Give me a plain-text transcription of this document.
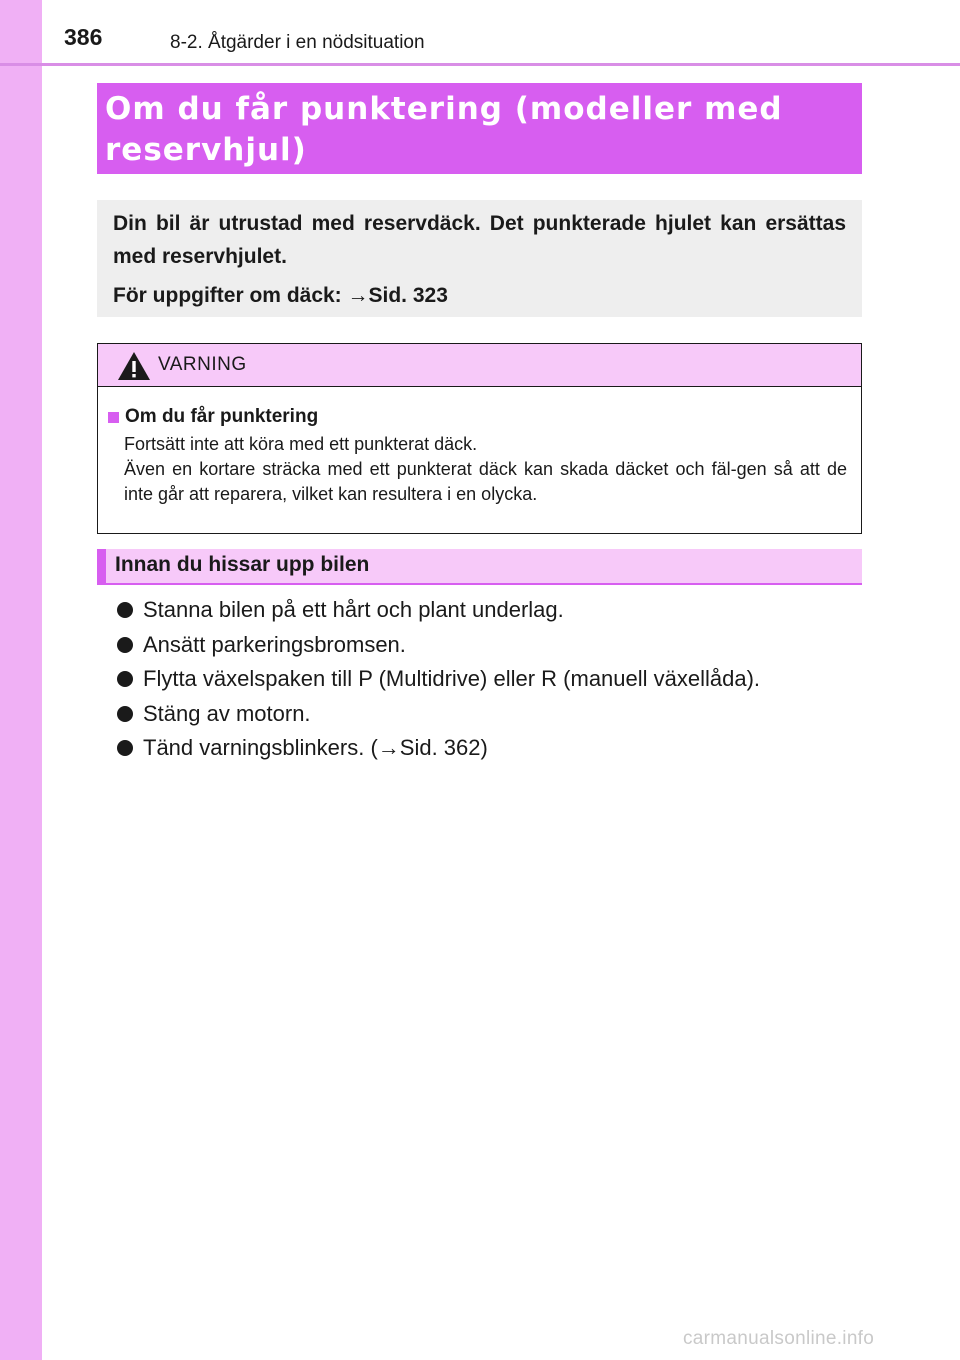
386	8-2. Åtgärder i en nödsituation

Om du får punktering (modeller med

reservhjul)

Din bil är utrustad med reservdäck. Det punkterade hjulet kan ersättas med reservhjulet.

För uppgifter om däck: →Sid. 323

VARNING

Om du får punktering

Fortsätt inte att köra med ett punkterat däck.

Även en kortare sträcka med ett punkterat däck kan skada däcket och fäl-gen så att de inte går att reparera, vilket kan resultera i en olycka.

Innan du hissar upp bilen
Stanna bilen på ett hårt och plant underlag.
Ansätt parkeringsbromsen.
Flytta växelspaken till P (Multidrive) eller R (manuell växellåda).
Stäng av motorn.
Tänd varningsblinkers. (→Sid. 362)
carmanualsonline.info
